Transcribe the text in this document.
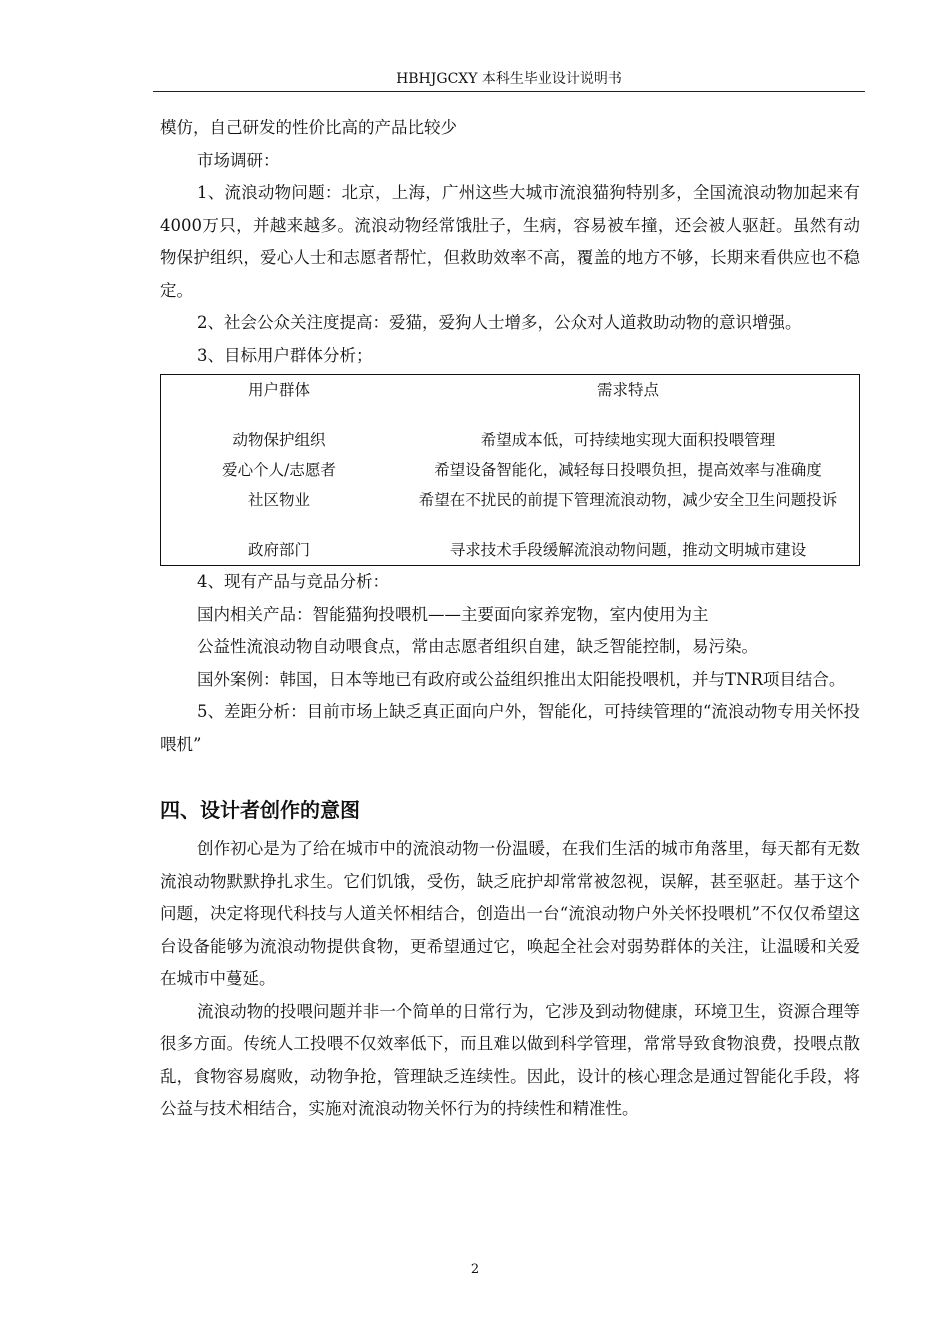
HBHJGCXY 本科生毕业设计说明书

模仿，自己研发的性价比高的产品比较少

市场调研：

1、流浪动物问题：北京，上海，广州这些大城市流浪猫狗特别多，全国流浪动物加起来有4000万只，并越来越多。流浪动物经常饿肚子，生病，容易被车撞，还会被人驱赶。虽然有动物保护组织，爱心人士和志愿者帮忙，但救助效率不高，覆盖的地方不够，长期来看供应也不稳定。

2、社会公众关注度提高：爱猫，爱狗人士增多，公众对人道救助动物的意识增强。

3、目标用户群体分析；

用户群体	需求特点
动物保护组织	希望成本低，可持续地实现大面积投喂管理
爱心个人/志愿者	希望设备智能化，减轻每日投喂负担，提高效率与准确度
社区物业	希望在不扰民的前提下管理流浪动物，减少安全卫生问题投诉
政府部门	寻求技术手段缓解流浪动物问题，推动文明城市建设

4、现有产品与竞品分析：

国内相关产品：智能猫狗投喂机——主要面向家养宠物，室内使用为主

公益性流浪动物自动喂食点，常由志愿者组织自建，缺乏智能控制，易污染。

国外案例：韩国，日本等地已有政府或公益组织推出太阳能投喂机，并与TNR项目结合。

5、差距分析：目前市场上缺乏真正面向户外，智能化，可持续管理的“流浪动物专用关怀投喂机”

四、设计者创作的意图

创作初心是为了给在城市中的流浪动物一份温暖，在我们生活的城市角落里，每天都有无数流浪动物默默挣扎求生。它们饥饿，受伤，缺乏庇护却常常被忽视，误解，甚至驱赶。基于这个问题，决定将现代科技与人道关怀相结合，创造出一台“流浪动物户外关怀投喂机”不仅仅希望这台设备能够为流浪动物提供食物，更希望通过它，唤起全社会对弱势群体的关注，让温暖和关爱在城市中蔓延。

流浪动物的投喂问题并非一个简单的日常行为，它涉及到动物健康，环境卫生，资源合理等很多方面。传统人工投喂不仅效率低下，而且难以做到科学管理，常常导致食物浪费，投喂点散乱，食物容易腐败，动物争抢，管理缺乏连续性。因此，设计的核心理念是通过智能化手段，将公益与技术相结合，实施对流浪动物关怀行为的持续性和精准性。

2
